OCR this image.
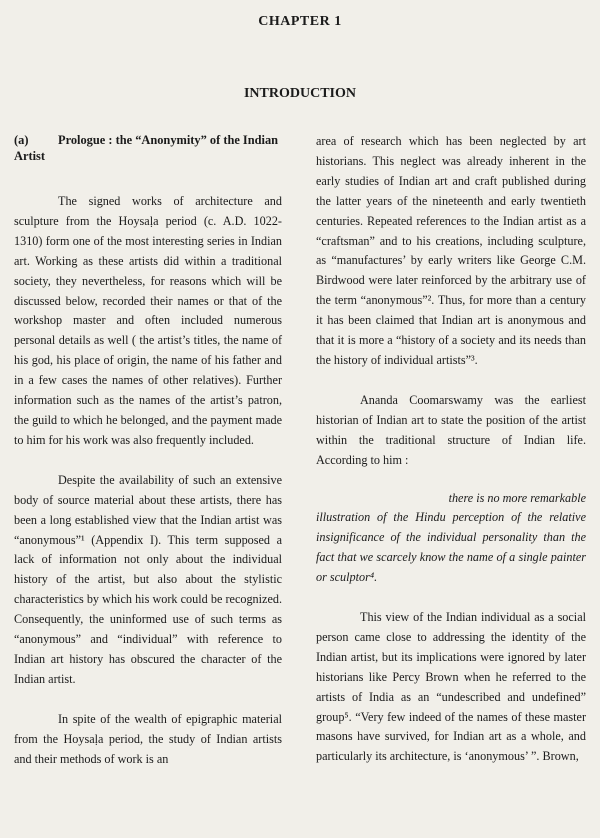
CHAPTER 1
INTRODUCTION
(a) Prologue : the “Anonymity” of the Indian Artist

The signed works of architecture and sculpture from the Hoysaḷa period (c. A.D. 1022-1310) form one of the most interesting series in Indian art. Working as these artists did within a traditional society, they nevertheless, for reasons which will be discussed below, recorded their names or that of the workshop master and often included numerous personal details as well ( the artist’s titles, the name of his god, his place of origin, the name of his father and in a few cases the names of other relatives). Further information such as the names of the artist’s patron, the guild to which he belonged, and the payment made to him for his work was also frequently included.

Despite the availability of such an extensive body of source material about these artists, there has been a long established view that the Indian artist was “anonymous”¹ (Appendix I). This term supposed a lack of information not only about the individual history of the artist, but also about the stylistic characteristics by which his work could be recognized. Consequently, the uninformed use of such terms as “anonymous” and “individual” with reference to Indian art history has obscured the character of the Indian artist.

In spite of the wealth of epigraphic material from the Hoysaḷa period, the study of Indian artists and their methods of work is an

area of research which has been neglected by art historians. This neglect was already inherent in the early studies of Indian art and craft published during the latter years of the nineteenth and early twentieth centuries. Repeated references to the Indian artist as a “craftsman” and to his creations, including sculpture, as “manufactures’ by early writers like George C.M. Birdwood were later reinforced by the arbitrary use of the term “anonymous”². Thus, for more than a century it has been claimed that Indian art is anonymous and that it is more a “history of a society and its needs than the history of individual artists”³.

Ananda Coomarswamy was the earliest historian of Indian art to state the position of the artist within the traditional structure of Indian life. According to him :

there is no more remarkable
illustration of the Hindu perception of the relative insignificance of the individual personality than the fact that we scarcely know the name of a single painter or sculptor⁴.

This view of the Indian individual as a social person came close to addressing the identity of the Indian artist, but its implications were ignored by later historians like Percy Brown when he referred to the artists of India as an “undescribed and undefined” group⁵. “Very few indeed of the names of these master masons have survived, for Indian art as a whole, and particularly its architecture, is ‘anonymous’ ”. Brown,
